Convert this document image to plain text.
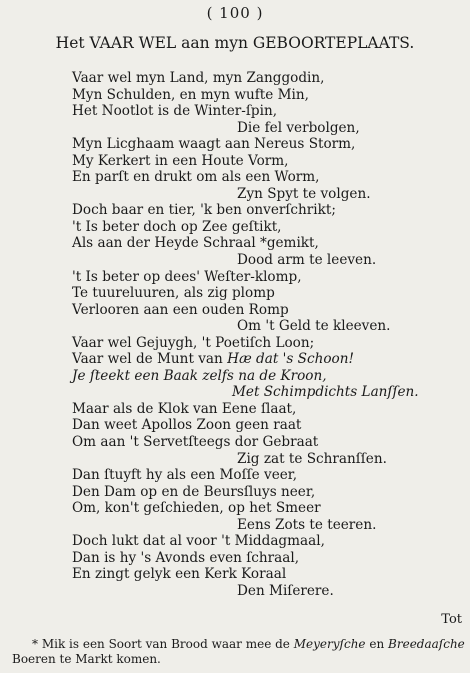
( 100 )
Het VAAR WEL aan myn GEBOORTEPLAATS.
Vaar wel myn Land, myn Zanggodin,
Myn Schulden, en myn wufte Min,
Het Nootlot is de Winter-ſpin,
Die fel verbolgen,
Myn Licghaam waagt aan Nereus Storm,
My Kerkert in een Houte Vorm,
En parſt en drukt om als een Worm,
Zyn Spyt te volgen.
Doch baar en tier, 'k ben onverſchrikt;
't Is beter doch op Zee geſtikt,
Als aan der Heyde Schraal *gemikt,
Dood arm te leeven.
't Is beter op dees' Weſter-klomp,
Te tuureluuren, als zig plomp
Verlooren aan een ouden Romp
Om 't Geld te kleeven.
Vaar wel Gejuygh, 't Poetiſch Loon;
Vaar wel de Munt van Hæ dat 's Schoon!
Je ſteekt een Baak zelfs na de Kroon,
Met Schimpdichts Lanſſen.
Maar als de Klok van Eene ſlaat,
Dan weet Apollos Zoon geen raat
Om aan 't Servetſteegs dor Gebraat
Zig zat te Schranſſen.
Dan ſtuyft hy als een Moſſe veer,
Den Dam op en de Beursſluys neer,
Om, kon't geſchieden, op het Smeer
Eens Zots te teeren.
Doch lukt dat al voor 't Middagmaal,
Dan is hy 's Avonds even ſchraal,
En zingt gelyk een Kerk Koraal
Den Miſerere.
Tot
* Mik is een Soort van Brood waar mee de Meyeryſche en Breedaaſche
Boeren te Markt komen.
